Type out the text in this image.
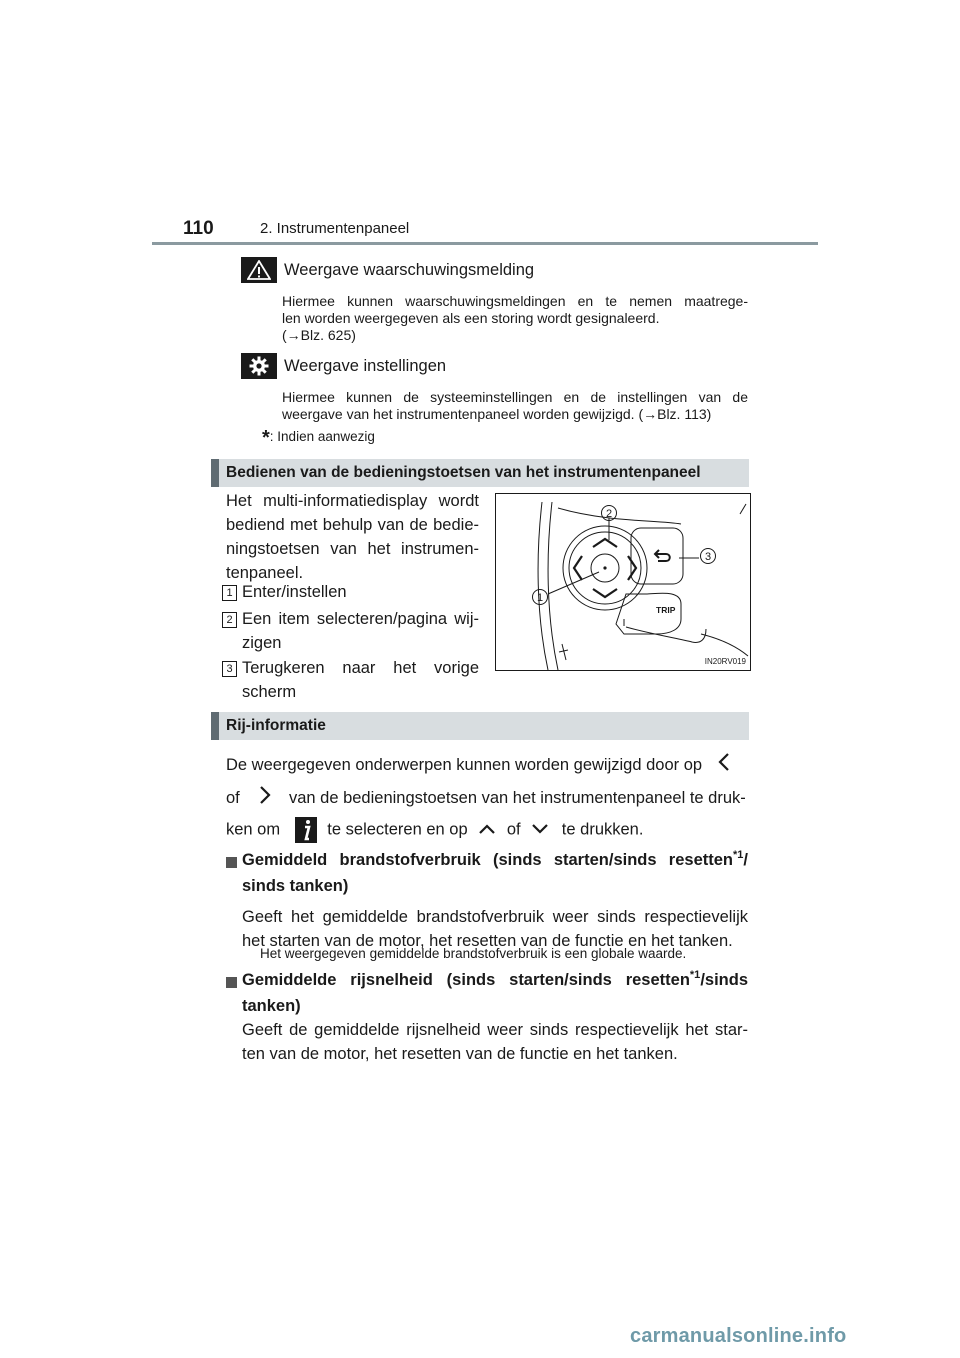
110	2. Instrumentenpaneel
Weergave waarschuwingsmelding
Hiermee kunnen waarschuwingsmeldingen en te nemen maatrege-
len worden weergegeven als een storing wordt gesignaleerd.
(→Blz. 625)
Weergave instellingen
Hiermee kunnen de systeeminstellingen en de instellingen van de
weergave van het instrumentenpaneel worden gewijzigd. (→Blz. 113)
*: Indien aanwezig
Bedienen van de bedieningstoetsen van het instrumentenpaneel
Het multi-informatiedisplay wordt
bediend met behulp van de bedie-
ningstoetsen van het instrumen-
tenpaneel.
1 Enter/instellen
2 Een item selecteren/pagina wij-
zigen
3 Terugkeren naar het vorige
scherm
TRIP
2
1
3
IN20RV019
Rij-informatie
De weergegeven onderwerpen kunnen worden gewijzigd door op
of	van de bedieningstoetsen van het instrumentenpaneel te druk-
ken om	te selecteren en op of te drukken.
Gemiddeld brandstofverbruik (sinds starten/sinds resetten$^{*1}$/
sinds tanken)
Geeft het gemiddelde brandstofverbruik weer sinds respectievelijk
het starten van de motor, het resetten van de functie en het tanken.
Het weergegeven gemiddelde brandstofverbruik is een globale waarde.
Gemiddelde rijsnelheid (sinds starten/sinds resetten$^{*1}$/sinds
tanken)
Geeft de gemiddelde rijsnelheid weer sinds respectievelijk het star-
ten van de motor, het resetten van de functie en het tanken.
carmanualsonline.info
